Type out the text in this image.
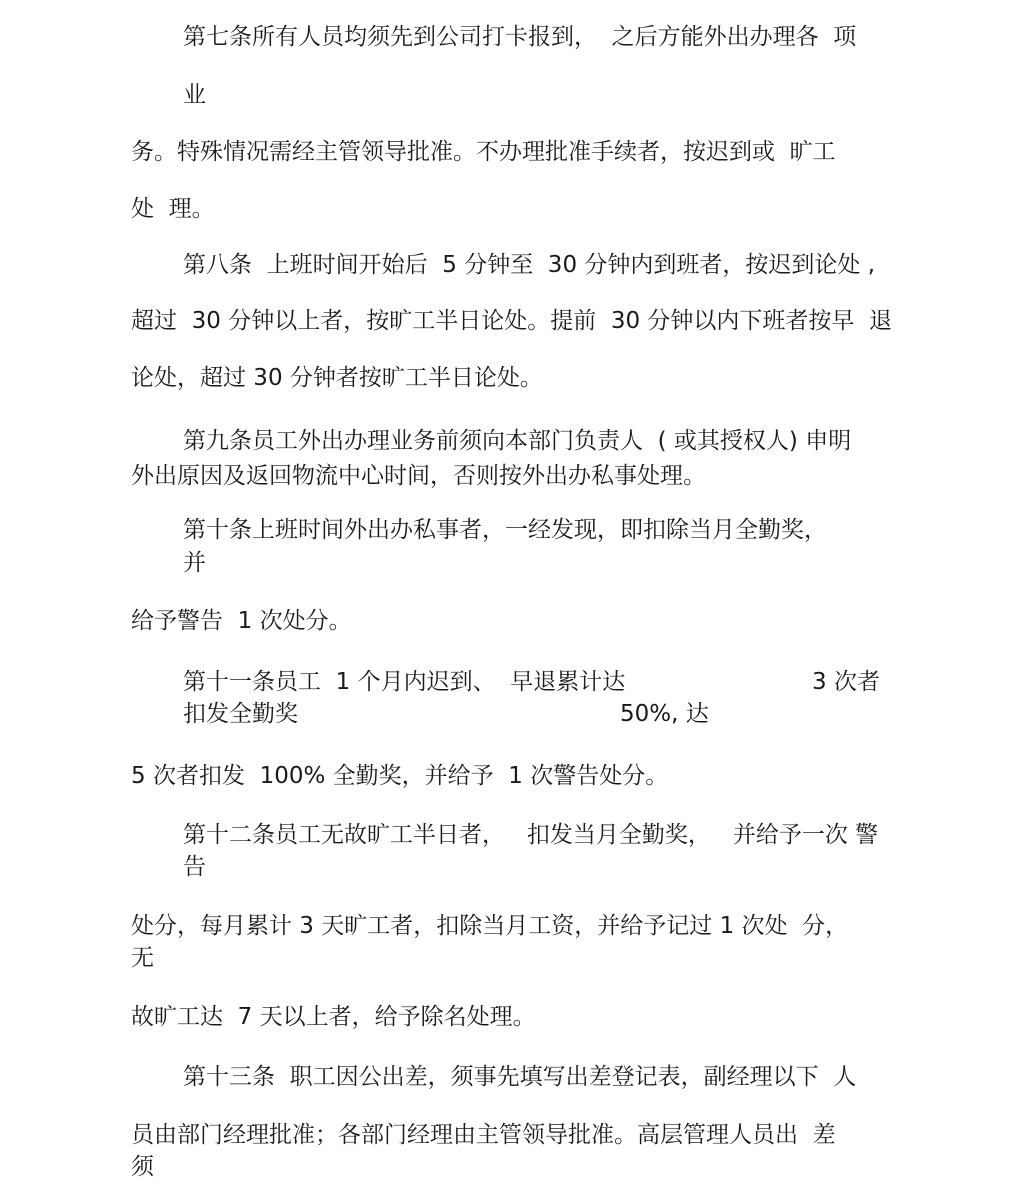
第七条所有人员均须先到公司打卡报到，  之后方能外出办理各  项

业

务。特殊情况需经主管领导批准。不办理批准手续者，按迟到或  旷工

处  理。

第八条  上班时间开始后  5 分钟至  30 分钟内到班者，按迟到论处 ,

超过  30 分钟以上者，按旷工半日论处。提前  30 分钟以内下班者按早  退

论处，超过 30 分钟者按旷工半日论处。

第九条员工外出办理业务前须向本部门负责人  ( 或其授权人) 申明

外出原因及返回物流中心时间，否则按外出办私事处理。

第十条上班时间外出办私事者，一经发现，即扣除当月全勤奖，

并

给予警告  1 次处分。

第十一条员工  1 个月内迟到、  早退累计达	3 次者

扣发全勤奖	50%, 达

5 次者扣发  100% 全勤奖，并给予  1 次警告处分。

第十二条员工无故旷工半日者，   扣发当月全勤奖，   并给予一次 警

告

处分，每月累计 3 天旷工者，扣除当月工资，并给予记过 1 次处  分，

无

故旷工达  7 天以上者，给予除名处理。

第十三条  职工因公出差，须事先填写出差登记表，副经理以下  人

员由部门经理批准；各部门经理由主管领导批准。高层管理人员出  差

须
